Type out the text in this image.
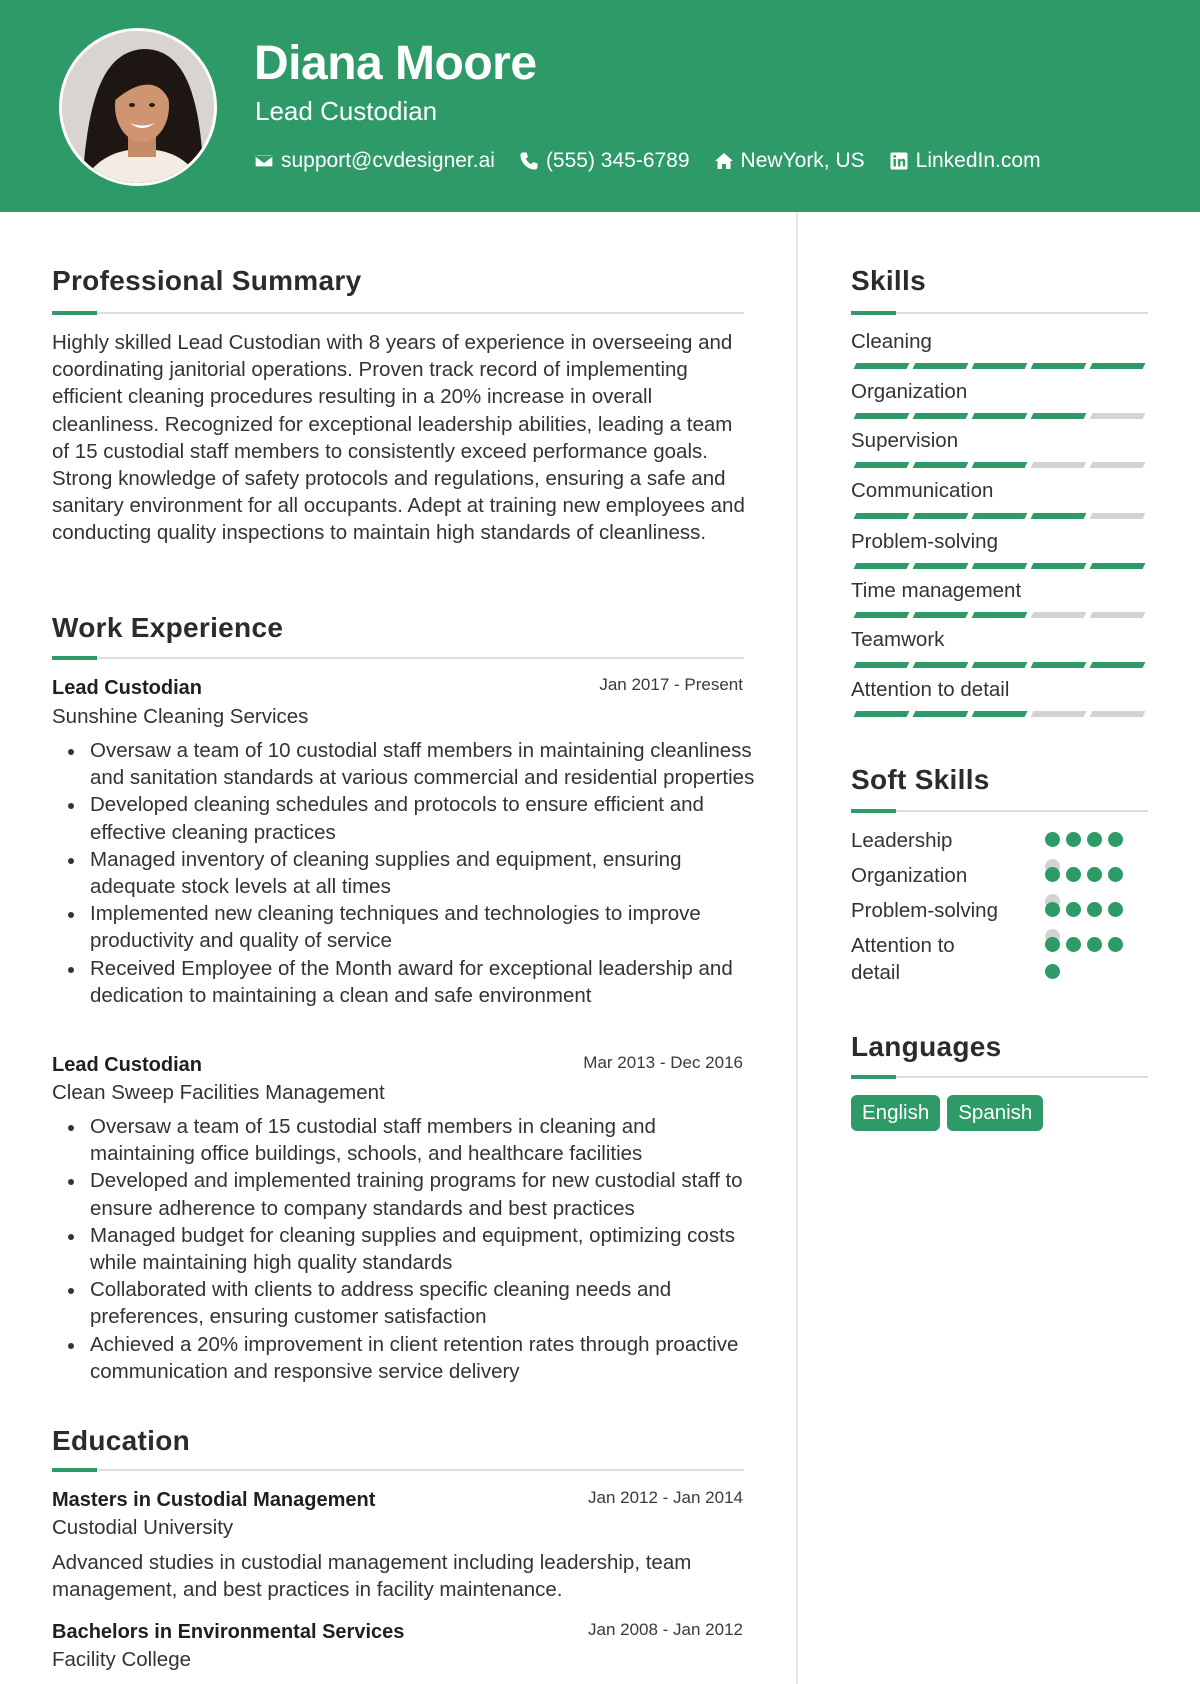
Diana Moore
Lead Custodian
support@cvdesigner.ai (555) 345-6789 NewYork, US LinkedIn.com
Professional Summary
Highly skilled Lead Custodian with 8 years of experience in overseeing and coordinating janitorial operations. Proven track record of implementing efficient cleaning procedures resulting in a 20% increase in overall cleanliness. Recognized for exceptional leadership abilities, leading a team of 15 custodial staff members to consistently exceed performance goals. Strong knowledge of safety protocols and regulations, ensuring a safe and sanitary environment for all occupants. Adept at training new employees and conducting quality inspections to maintain high standards of cleanliness.
Work Experience
Lead Custodian	Jan 2017 - Present
Sunshine Cleaning Services
Oversaw a team of 10 custodial staff members in maintaining cleanliness and sanitation standards at various commercial and residential properties
Developed cleaning schedules and protocols to ensure efficient and effective cleaning practices
Managed inventory of cleaning supplies and equipment, ensuring adequate stock levels at all times
Implemented new cleaning techniques and technologies to improve productivity and quality of service
Received Employee of the Month award for exceptional leadership and dedication to maintaining a clean and safe environment
Lead Custodian	Mar 2013 - Dec 2016
Clean Sweep Facilities Management
Oversaw a team of 15 custodial staff members in cleaning and maintaining office buildings, schools, and healthcare facilities
Developed and implemented training programs for new custodial staff to ensure adherence to company standards and best practices
Managed budget for cleaning supplies and equipment, optimizing costs while maintaining high quality standards
Collaborated with clients to address specific cleaning needs and preferences, ensuring customer satisfaction
Achieved a 20% improvement in client retention rates through proactive communication and responsive service delivery
Education
Masters in Custodial Management	Jan 2012 - Jan 2014
Custodial University
Advanced studies in custodial management including leadership, team management, and best practices in facility maintenance.
Bachelors in Environmental Services	Jan 2008 - Jan 2012
Facility College
Skills
Cleaning
Organization
Supervision
Communication
Problem-solving
Time management
Teamwork
Attention to detail
Soft Skills
Leadership
Organization
Problem-solving
Attention to detail
Languages
English	Spanish
